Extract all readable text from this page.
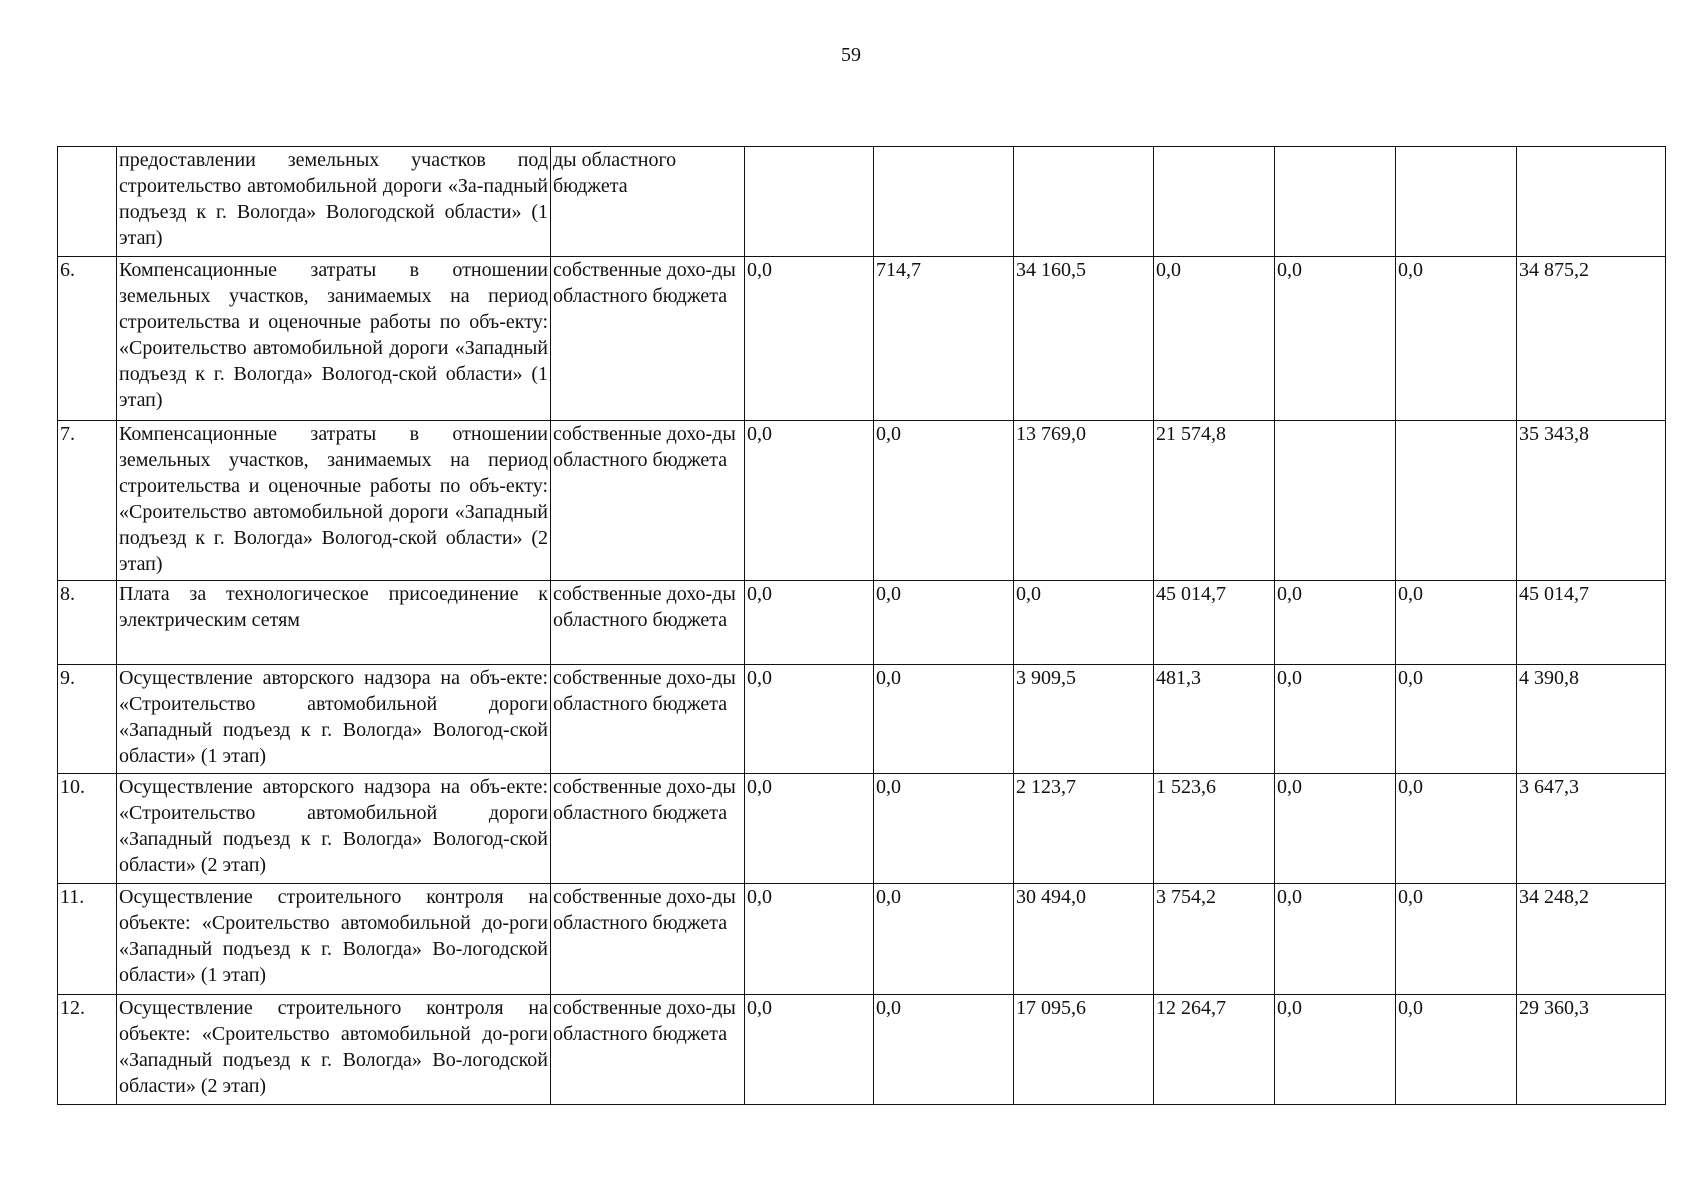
59
	предоставлении земельных участков под строительство автомобильной дороги «За-падный подъезд к г. Вологда» Вологодской области» (1 этап)	ды областного бюджета							
6.	Компенсационные затраты в отношении земельных участков, занимаемых на период строительства и оценочные работы по объ-екту: «Сроительство автомобильной дороги «Западный подъезд к г. Вологда» Вологод-ской области» (1 этап)	собственные дохо-ды областного бюджета	0,0	714,7	34 160,5	0,0	0,0	0,0	34 875,2
7.	Компенсационные затраты в отношении земельных участков, занимаемых на период строительства и оценочные работы по объ-екту: «Сроительство автомобильной дороги «Западный подъезд к г. Вологда» Вологод-ской области» (2 этап)	собственные дохо-ды областного бюджета	0,0	0,0	13 769,0	21 574,8			35 343,8
8.	Плата за технологическое присоединение к электрическим сетям	собственные дохо-ды областного бюджета	0,0	0,0	0,0	45 014,7	0,0	0,0	45 014,7
9.	Осуществление авторского надзора на объ-екте: «Строительство автомобильной дороги «Западный подъезд к г. Вологда» Вологод-ской области» (1 этап)	собственные дохо-ды областного бюджета	0,0	0,0	3 909,5	481,3	0,0	0,0	4 390,8
10.	Осуществление авторского надзора на объ-екте: «Строительство автомобильной дороги «Западный подъезд к г. Вологда» Вологод-ской области» (2 этап)	собственные дохо-ды областного бюджета	0,0	0,0	2 123,7	1 523,6	0,0	0,0	3 647,3
11.	Осуществление строительного контроля на объекте: «Сроительство автомобильной до-роги «Западный подъезд к г. Вологда» Во-логодской области» (1 этап)	собственные дохо-ды областного бюджета	0,0	0,0	30 494,0	3 754,2	0,0	0,0	34 248,2
12.	Осуществление строительного контроля на объекте: «Сроительство автомобильной до-роги «Западный подъезд к г. Вологда» Во-логодской области» (2 этап)	собственные дохо-ды областного бюджета	0,0	0,0	17 095,6	12 264,7	0,0	0,0	29 360,3
